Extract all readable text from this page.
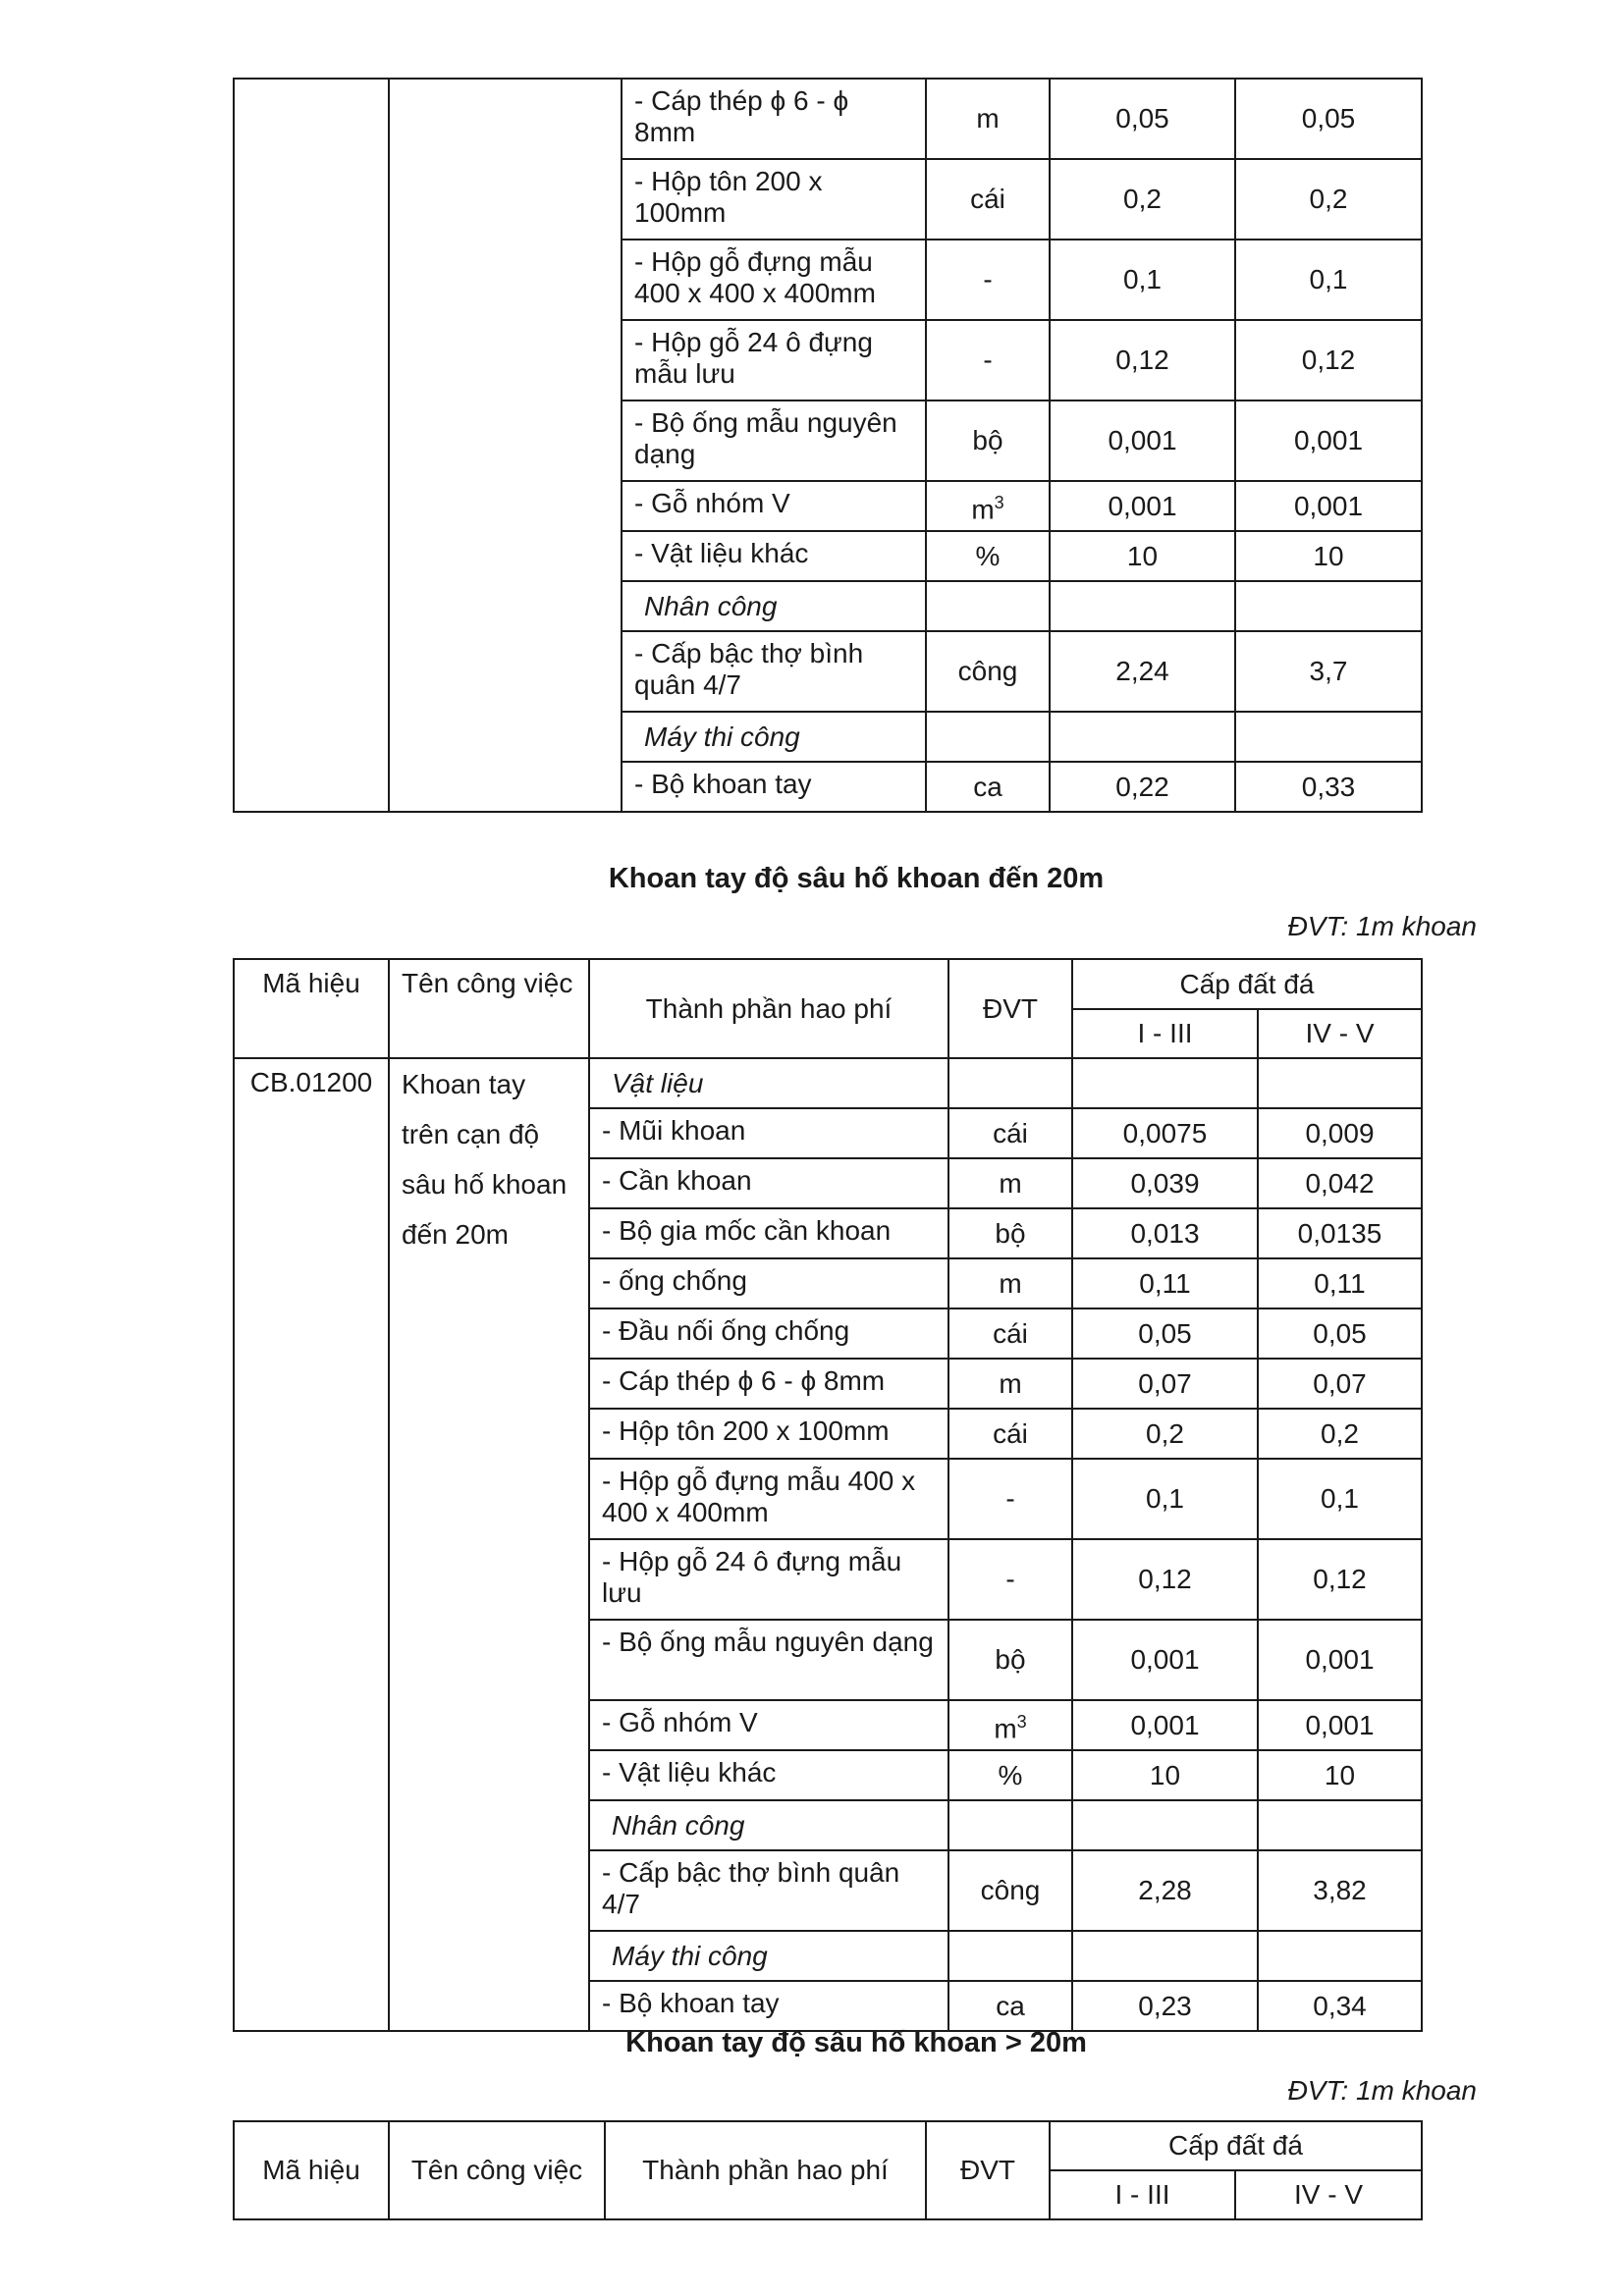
		- Cáp thép ϕ 6 - ϕ 8mm	m	0,05	0,05
		- Hộp tôn 200 x 100mm	cái	0,2	0,2
		- Hộp gỗ đựng mẫu 400 x 400 x 400mm	-	0,1	0,1
		- Hộp gỗ 24 ô đựng mẫu lưu	-	0,12	0,12
		- Bộ ống mẫu nguyên dạng	bộ	0,001	0,001
		- Gỗ nhóm V	$m^3$	0,001	0,001
		- Vật liệu khác	%	10	10
		Nhân công			
		- Cấp bậc thợ bình quân 4/7	công	2,24	3,7
		Máy thi công			
		- Bộ khoan tay	ca	0,22	0,33
Khoan tay độ sâu hố khoan đến 20m
ĐVT: 1m khoan
Mã hiệu	Tên công việc	Thành phần hao phí	ĐVT	Cấp đất đá	
				I - III	IV - V
CB.01200	Khoan tay
trên cạn độ
sâu hố khoan
đến 20m	Vật liệu			
		- Mũi khoan	cái	0,0075	0,009
		- Cần khoan	m	0,039	0,042
		- Bộ gia mốc cần khoan	bộ	0,013	0,0135
		- ống chống	m	0,11	0,11
		- Đầu nối ống chống	cái	0,05	0,05
		- Cáp thép ϕ 6 - ϕ 8mm	m	0,07	0,07
		- Hộp tôn 200 x 100mm	cái	0,2	0,2
		- Hộp gỗ đựng mẫu 400 x 400 x 400mm	-	0,1	0,1
		- Hộp gỗ 24 ô đựng mẫu lưu	-	0,12	0,12
		- Bộ ống mẫu nguyên dạng	bộ	0,001	0,001
		- Gỗ nhóm V	$m^3$	0,001	0,001
		- Vật liệu khác	%	10	10
		Nhân công			
		- Cấp bậc thợ bình quân 4/7	công	2,28	3,82
		Máy thi công			
		- Bộ khoan tay	ca	0,23	0,34
Khoan tay độ sâu hố khoan > 20m
ĐVT: 1m khoan
Mã hiệu	Tên công việc	Thành phần hao phí	ĐVT	Cấp đất đá	
				I - III	IV - V
